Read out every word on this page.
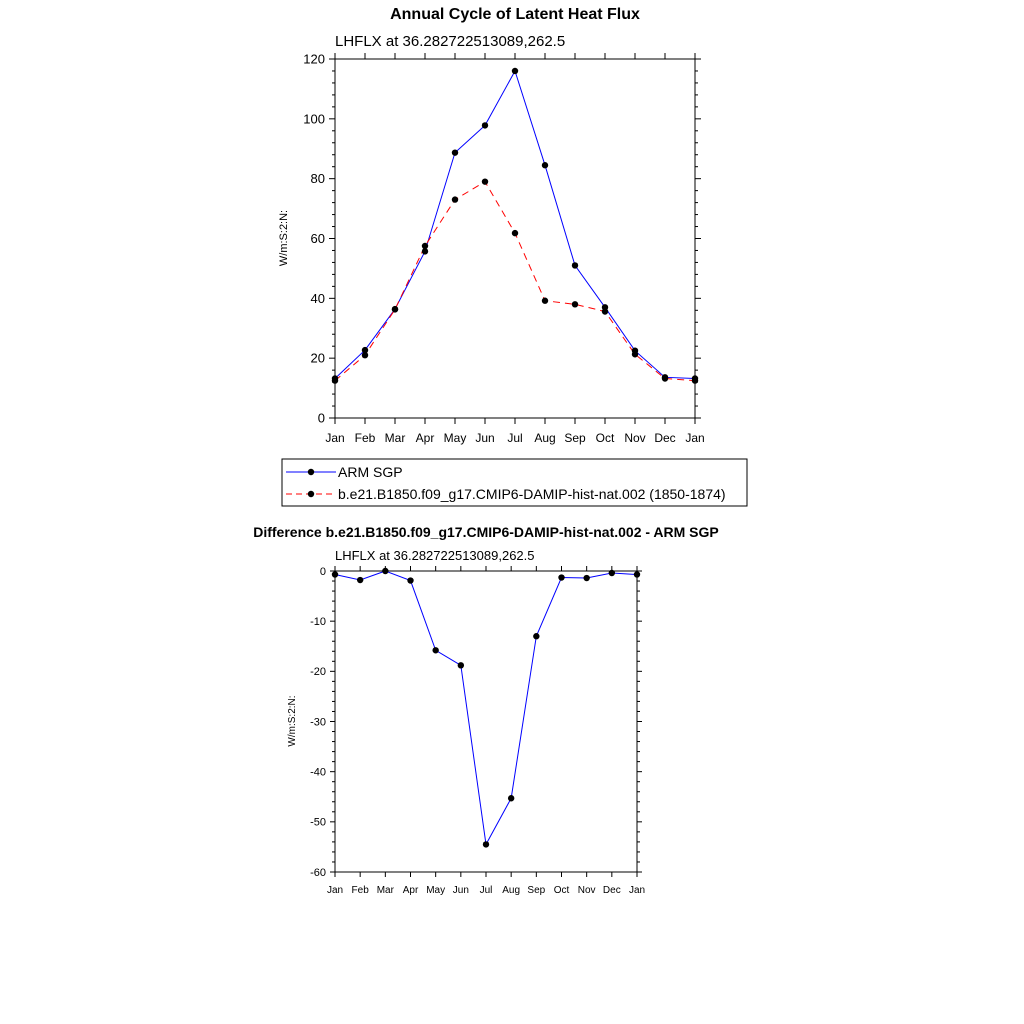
Annual Cycle of Latent Heat Flux
LHFLX at 36.282722513089,262.5
W/m:S:2:N:
0
20
40
60
80
100
120
Jan Feb Mar Apr May Jun Jul Aug Sep Oct Nov Dec Jan
ARM SGP
b.e21.B1850.f09_g17.CMIP6-DAMIP-hist-nat.002 (1850-1874)
Difference b.e21.B1850.f09_g17.CMIP6-DAMIP-hist-nat.002 - ARM SGP
LHFLX at 36.282722513089,262.5
W/m:S:2:N:
0
-10
-20
-30
-40
-50
-60
Jan Feb Mar Apr May Jun Jul Aug Sep Oct Nov Dec Jan
